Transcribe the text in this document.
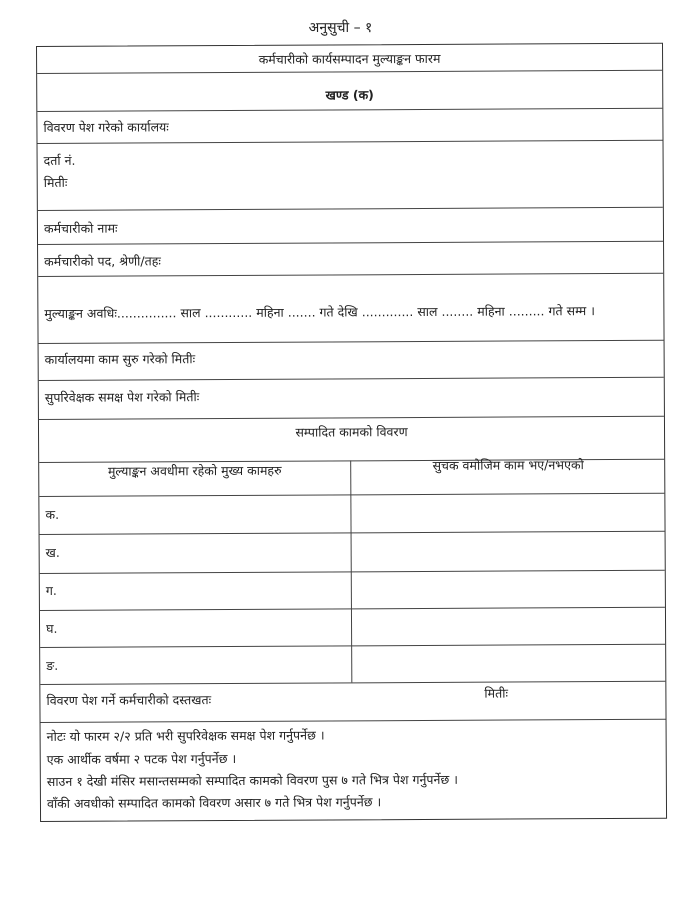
अनुसुची – १
कर्मचारीको कार्यसम्पादन मुल्याङ्कन फारम
खण्ड (क)
विवरण पेश गरेको कार्यालयः
दर्ता नं.
मितीः
कर्मचारीको नामः
कर्मचारीको पद, श्रेणी/तहः
मुल्याङ्कन अवधिः............... साल ............ महिना ....... गते देखि ............. साल ........ महिना ......... गते सम्म ।
कार्यालयमा काम सुरु गरेको मितीः
सुपरिवेक्षक समक्ष पेश गरेको मितीः
सम्पादित कामको विवरण
मुल्याङ्कन अवधीमा रहेको मुख्य कामहरु	सुचक वमोजिम काम भए/नभएको
क.
ख.
ग.
घ.
ङ.
विवरण पेश गर्ने कर्मचारीको दस्तखतः	मितीः
नोटः यो फारम २/२ प्रति भरी सुपरिवेक्षक समक्ष पेश गर्नुपर्नेछ ।
एक आर्थीक वर्षमा २ पटक पेश गर्नुपर्नेछ ।
साउन १ देखी मंसिर मसान्तसम्मको सम्पादित कामको विवरण पुस ७ गते भित्र पेश गर्नुपर्नेछ ।
वाँकी अवधीको सम्पादित कामको विवरण असार ७ गते भित्र पेश गर्नुपर्नेछ ।
